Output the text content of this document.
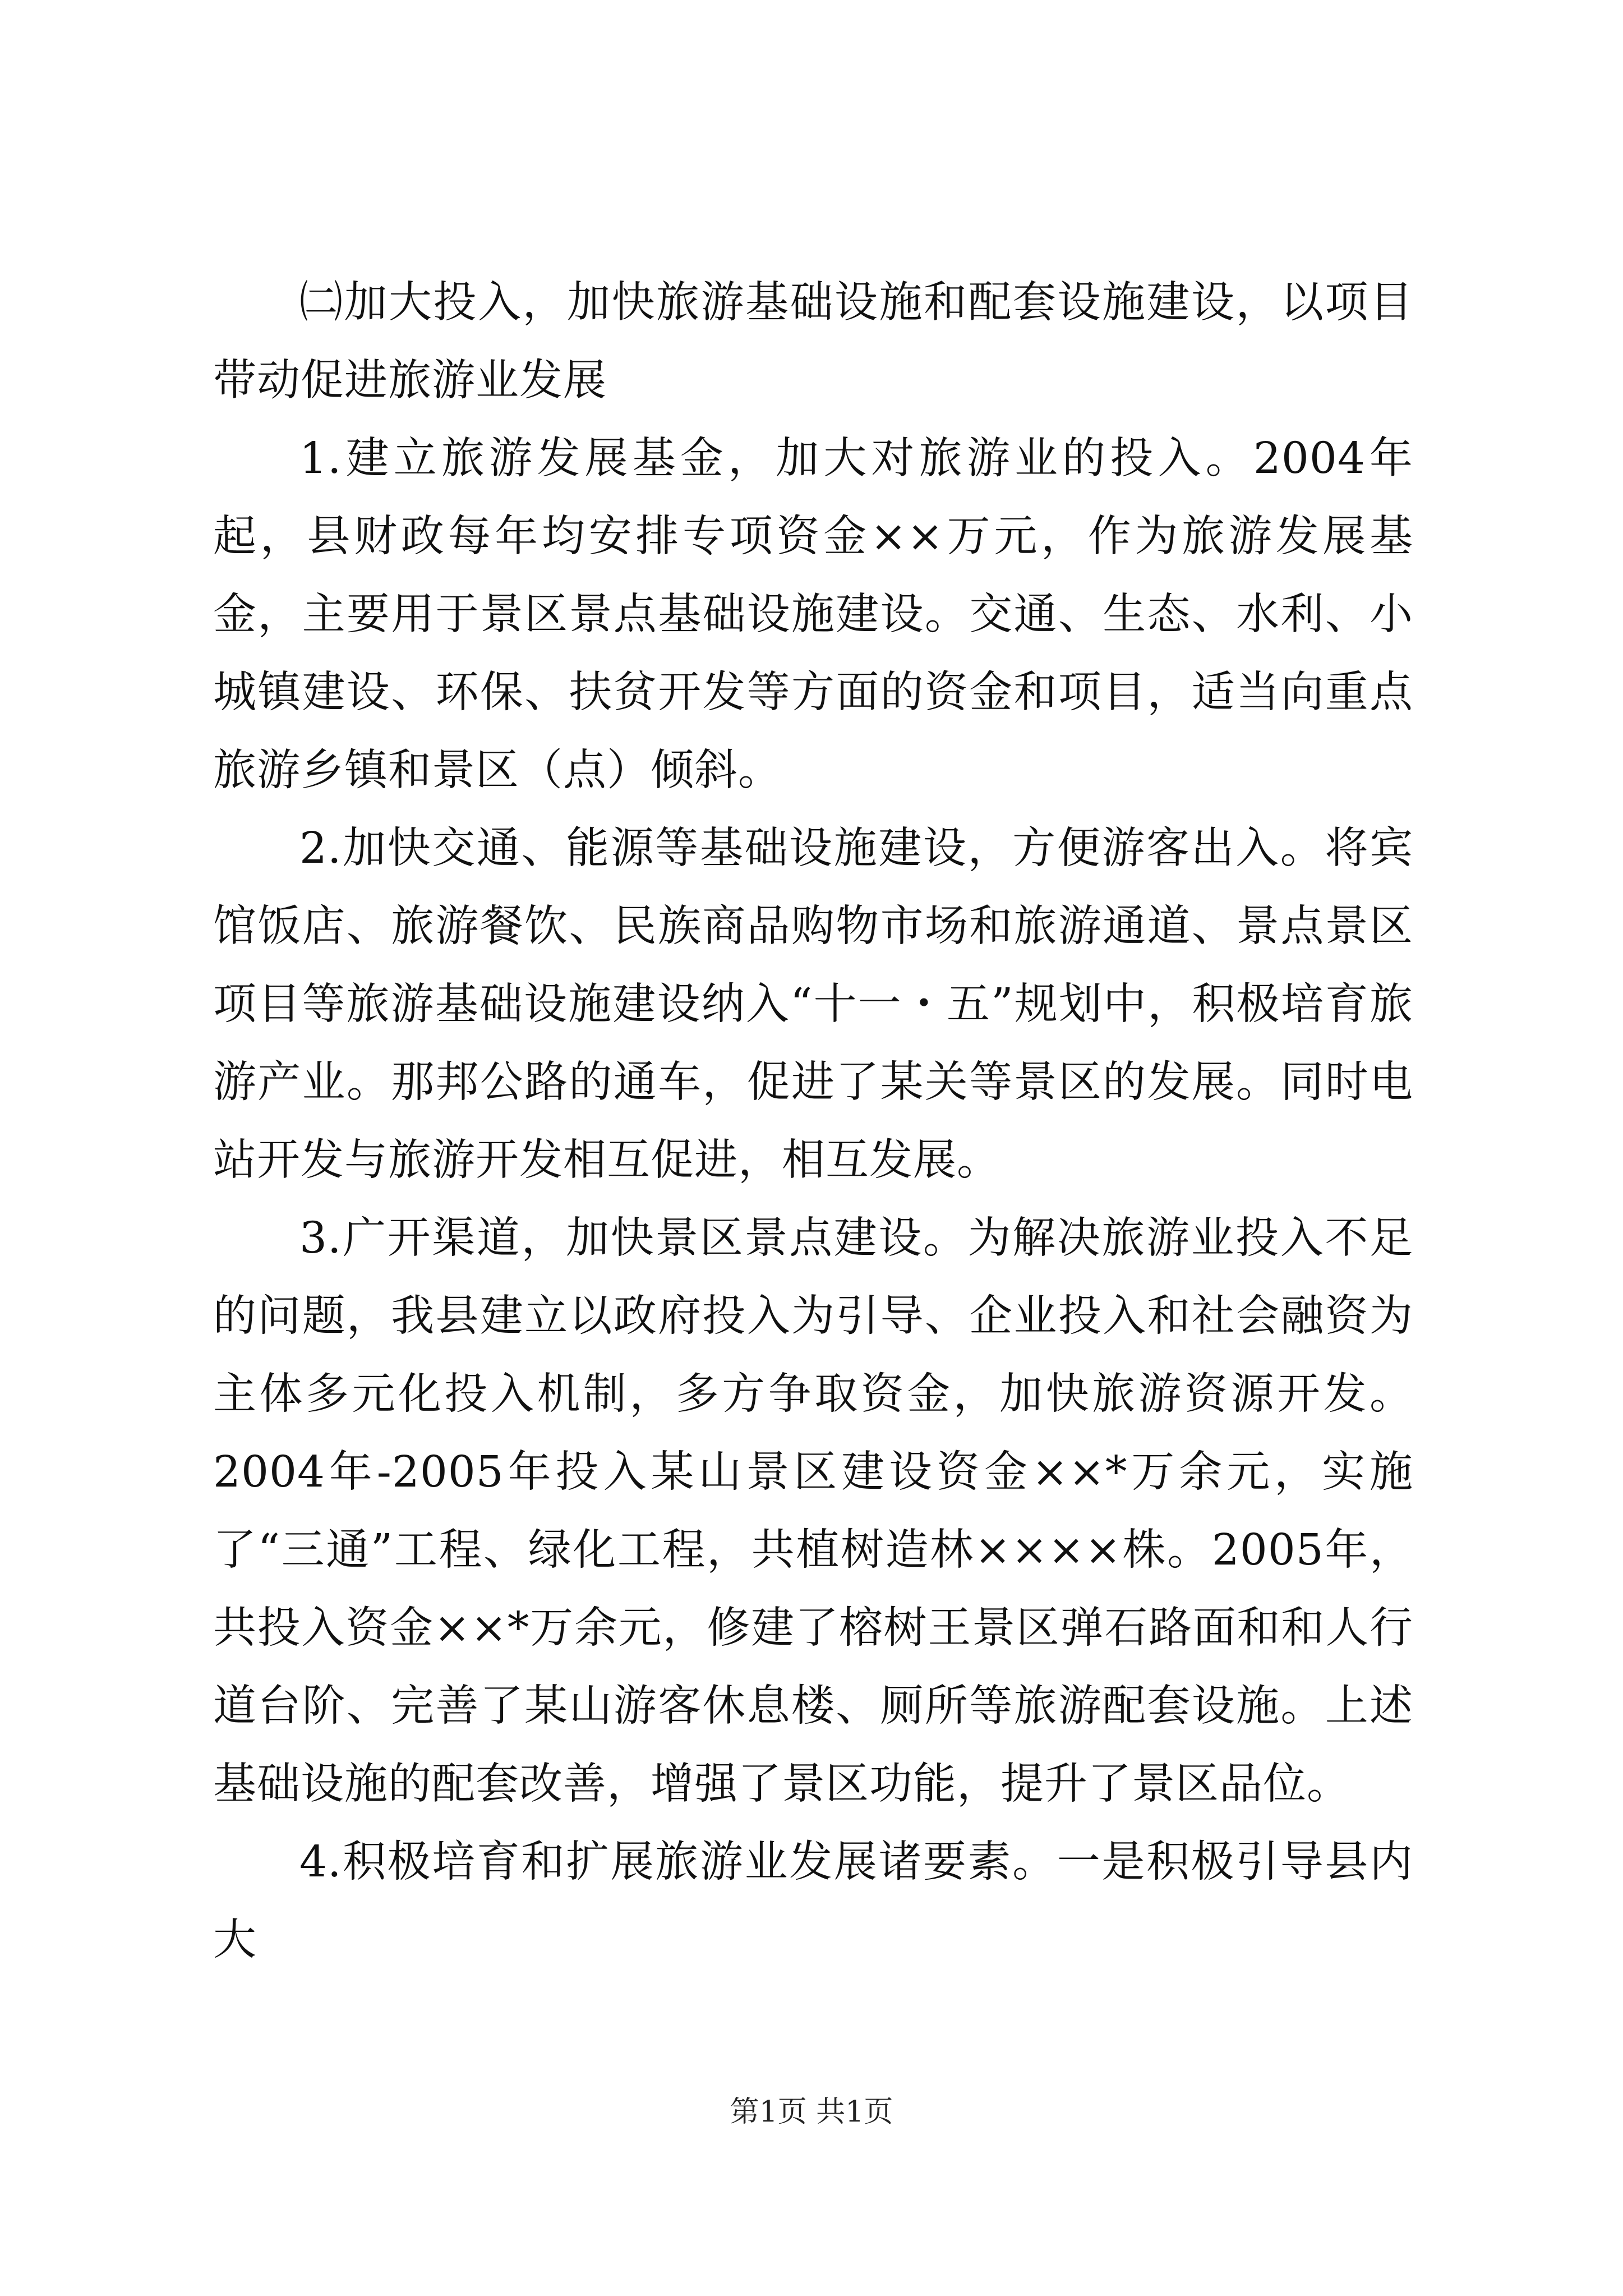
㈡加大投入，加快旅游基础设施和配套设施建设，以项目带动促进旅游业发展

1.建立旅游发展基金，加大对旅游业的投入。2004年起，县财政每年均安排专项资金××万元，作为旅游发展基金，主要用于景区景点基础设施建设。交通、生态、水利、小城镇建设、环保、扶贫开发等方面的资金和项目，适当向重点旅游乡镇和景区（点）倾斜。

2.加快交通、能源等基础设施建设，方便游客出入。将宾馆饭店、旅游餐饮、民族商品购物市场和旅游通道、景点景区项目等旅游基础设施建设纳入“十一・五”规划中，积极培育旅游产业。那邦公路的通车，促进了某关等景区的发展。同时电站开发与旅游开发相互促进，相互发展。

3.广开渠道，加快景区景点建设。为解决旅游业投入不足的问题，我县建立以政府投入为引导、企业投入和社会融资为主体多元化投入机制，多方争取资金，加快旅游资源开发。2004年-2005年投入某山景区建设资金××*万余元，实施了“三通”工程、绿化工程，共植树造林××××株。2005年，共投入资金××*万余元，修建了榕树王景区弹石路面和和人行道台阶、完善了某山游客休息楼、厕所等旅游配套设施。上述基础设施的配套改善，增强了景区功能，提升了景区品位。

4.积极培育和扩展旅游业发展诸要素。一是积极引导县内大

第1页 共1页
